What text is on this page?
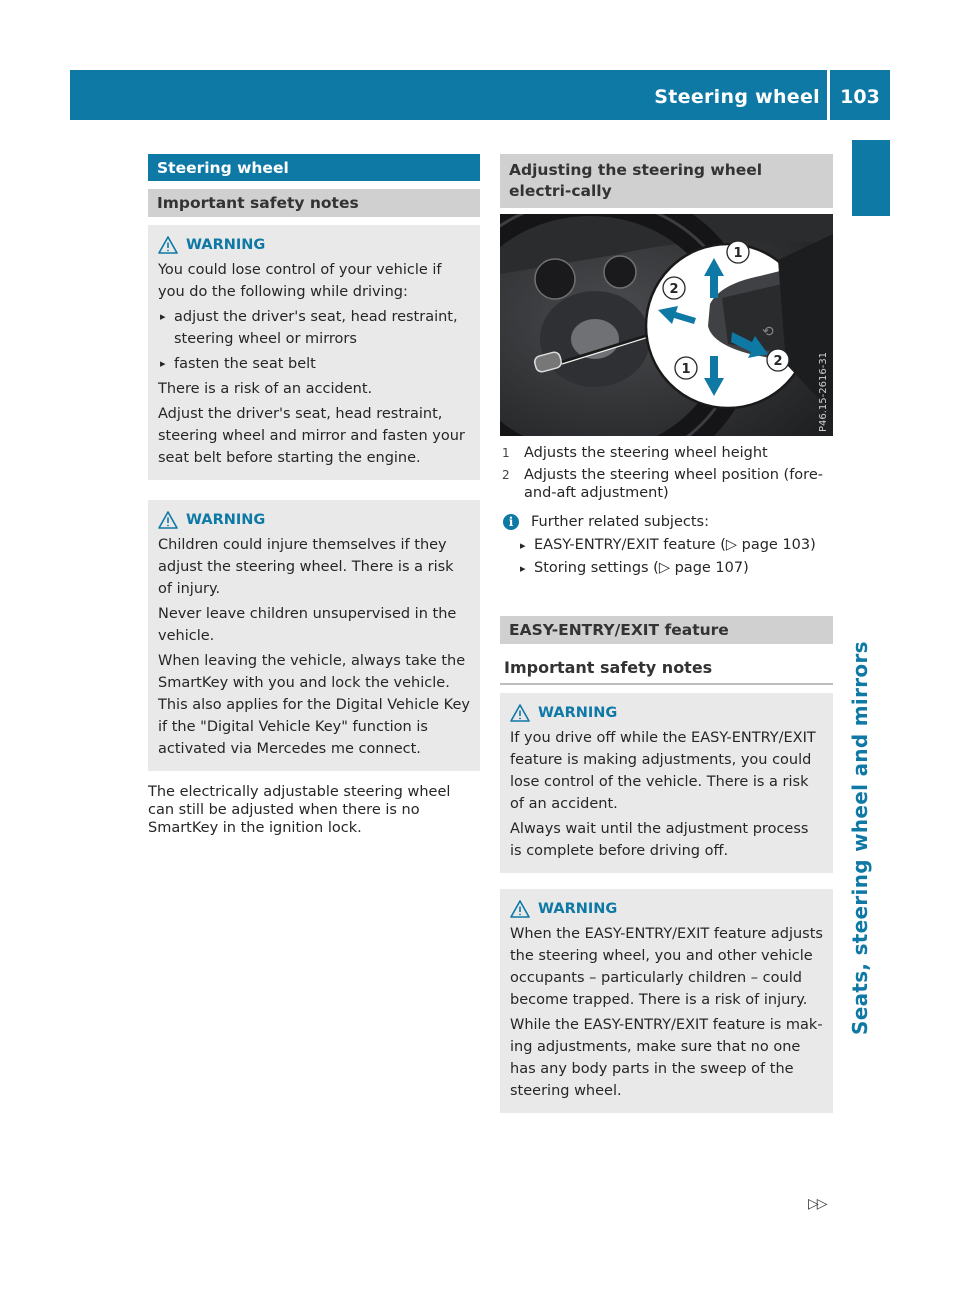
Steering wheel	103
Seats, steering wheel and mirrors
Steering wheel
Important safety notes
WARNING

You could lose control of your vehicle if you do the following while driving:

▸ adjust the driver's seat, head restraint, steering wheel or mirrors

▸ fasten the seat belt

There is a risk of an accident.

Adjust the driver's seat, head restraint, steering wheel and mirror and fasten your seat belt before starting the engine.

WARNING

Children could injure themselves if they adjust the steering wheel. There is a risk of injury.

Never leave children unsupervised in the vehicle.

When leaving the vehicle, always take the SmartKey with you and lock the vehicle. This also applies for the Digital Vehicle Key if the "Digital Vehicle Key" function is activated via Mercedes me connect.

The electrically adjustable steering wheel can still be adjusted when there is no SmartKey in the ignition lock.

Adjusting the steering wheel electri-cally
⟲
1
2
1
2	P46.15-2616-31
1 Adjusts the steering wheel height
2 Adjusts the steering wheel position (fore-and-aft adjustment)
i	Further related subjects:

▸ EASY-ENTRY/EXIT feature (▷ page 103)

▸ Storing settings (▷ page 107)

EASY-ENTRY/EXIT feature
Important safety notes
WARNING

If you drive off while the EASY-ENTRY/EXIT feature is making adjustments, you could lose control of the vehicle. There is a risk of an accident.

Always wait until the adjustment process is complete before driving off.

WARNING

When the EASY-ENTRY/EXIT feature adjusts the steering wheel, you and other vehicle occupants – particularly children – could become trapped. There is a risk of injury.

While the EASY-ENTRY/EXIT feature is mak-ing adjustments, make sure that no one has any body parts in the sweep of the steering wheel.

▷▷
